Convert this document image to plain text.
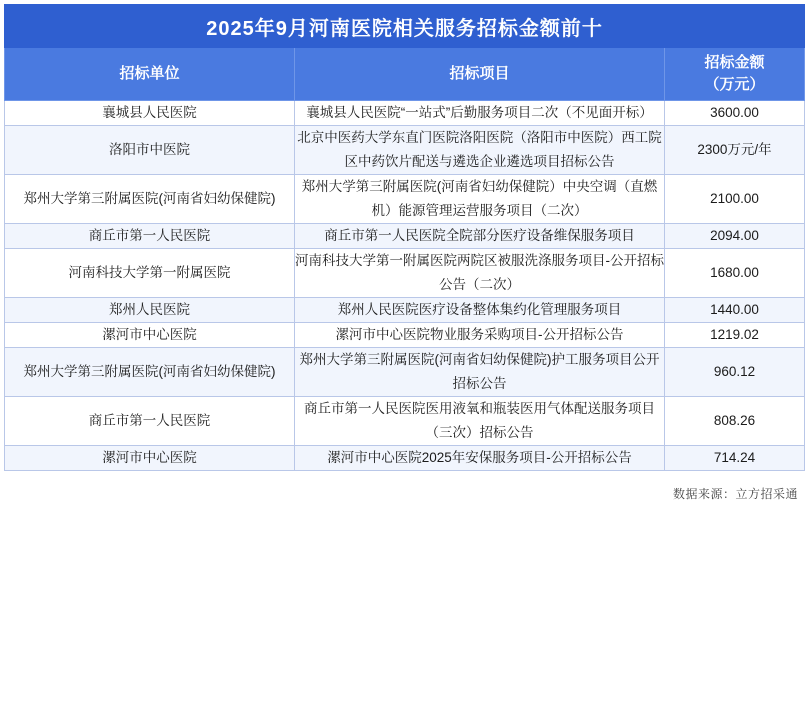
2025年9月河南医院相关服务招标金额前十		
招标单位	招标项目	招标金额
（万元）

襄城县人民医院	襄城县人民医院“一站式”后勤服务项目二次（不见面开标）	3600.00
洛阳市中医院	北京中医药大学东直门医院洛阳医院（洛阳市中医院）西工院区中药饮片配送与遴选企业遴选项目招标公告	2300万元/年
郑州大学第三附属医院(河南省妇幼保健院)	郑州大学第三附属医院(河南省妇幼保健院）中央空调（直燃机）能源管理运营服务项目（二次）	2100.00
商丘市第一人民医院	商丘市第一人民医院全院部分医疗设备维保服务项目	2094.00
河南科技大学第一附属医院	河南科技大学第一附属医院两院区被服洗涤服务项目-公开招标公告（二次）	1680.00
郑州人民医院	郑州人民医院医疗设备整体集约化管理服务项目	1440.00
漯河市中心医院	漯河市中心医院物业服务采购项目-公开招标公告	1219.02
郑州大学第三附属医院(河南省妇幼保健院)	郑州大学第三附属医院(河南省妇幼保健院)护工服务项目公开招标公告	960.12
商丘市第一人民医院	商丘市第一人民医院医用液氧和瓶装医用气体配送服务项目（三次）招标公告	808.26
漯河市中心医院	漯河市中心医院2025年安保服务项目-公开招标公告	714.24
数据来源：立方招采通
